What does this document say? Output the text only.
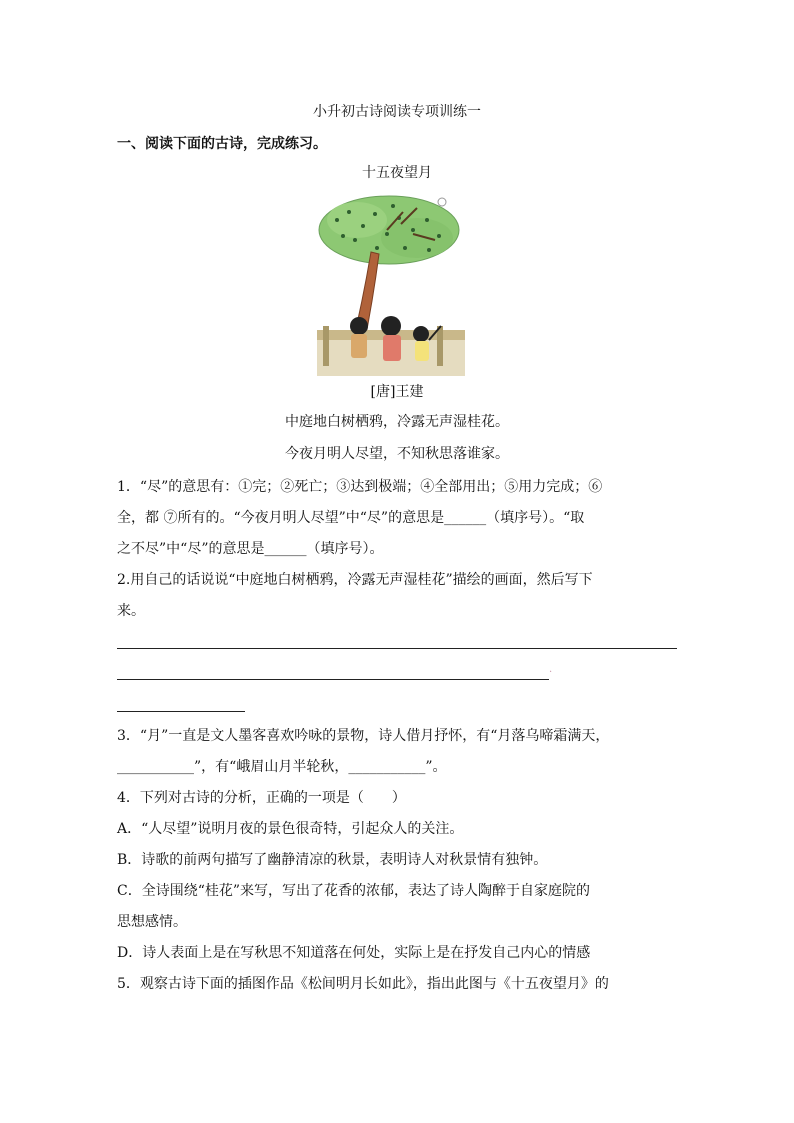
小升初古诗阅读专项训练一
一、阅读下面的古诗，完成练习。
十五夜望月
[唐]王建
中庭地白树栖鸦，冷露无声湿桂花。
今夜月明人尽望，不知秋思落谁家。
1．“尽”的意思有：①完；②死亡；③达到极端；④全部用出；⑤用力完成；⑥
全，都 ⑦所有的。“今夜月明人尽望”中“尽”的意思是______（填序号）。“取
之不尽”中“尽”的意思是______（填序号）。
2.用自己的话说说“中庭地白树栖鸦，冷露无声湿桂花”描绘的画面，然后写下
来。
.
3．“月”一直是文人墨客喜欢吟咏的景物，诗人借月抒怀，有“月落乌啼霜满天，
___________”，有“峨眉山月半轮秋，___________”。
4．下列对古诗的分析，正确的一项是（　　）
A．“人尽望”说明月夜的景色很奇特，引起众人的关注。
B．诗歌的前两句描写了幽静清凉的秋景，表明诗人对秋景情有独钟。
C．全诗围绕“桂花”来写，写出了花香的浓郁，表达了诗人陶醉于自家庭院的
思想感情。
D．诗人表面上是在写秋思不知道落在何处，实际上是在抒发自己内心的情感
5．观察古诗下面的插图作品《松间明月长如此》，指出此图与《十五夜望月》的
